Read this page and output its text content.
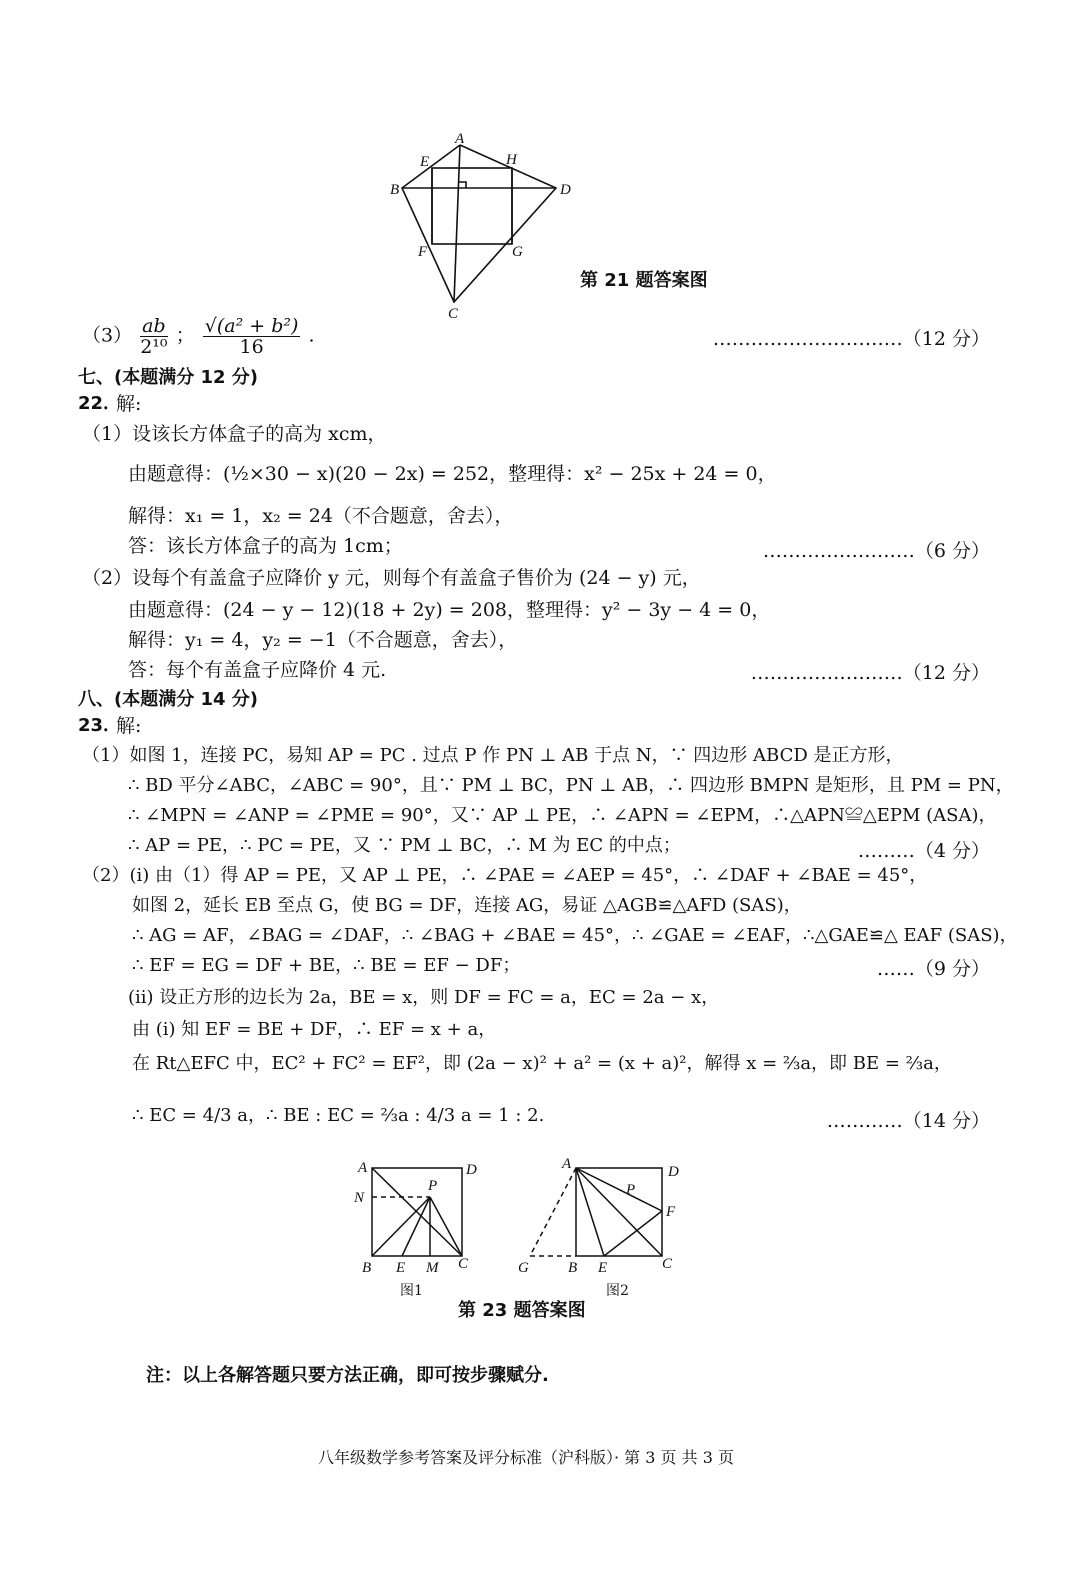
A
E	H
B	D
F	G
C
第 21 题答案图
$(3) \frac{ab}{\text{2¹⁰}}$ ； $\frac{\text{√(a² + b²)}}{16}$ .	…………………………（12 分）
七、(本题满分 12 分)
22．
解:
（1）设该长方体盒子的高为 xcm，
由题意得：(½×30 − x)(20 − 2x) = 252，整理得：x² − 25x + 24 = 0，
解得：x₁ = 1，x₂ = 24（不合题意，舍去），
答：该长方体盒子的高为 1cm；	……………………（6 分）
（2）设每个有盖盒子应降价 y 元，则每个有盖盒子售价为 (24 − y) 元，
由题意得：(24 − y − 12)(18 + 2y) = 208，整理得：y² − 3y − 4 = 0，
解得：y₁ = 4，y₂ = −1（不合题意，舍去），
答：每个有盖盒子应降价 4 元.	……………………（12 分）
八、(本题满分 14 分)
23．
解:
（1）如图 1，连接 PC，易知 AP = PC . 过点 P 作 PN ⊥ AB 于点 N，∵ 四边形 ABCD 是正方形，
∴ BD 平分∠ABC，∠ABC = 90°，且∵ PM ⊥ BC，PN ⊥ AB，∴ 四边形 BMPN 是矩形，且 PM = PN，
∴ ∠MPN = ∠ANP = ∠PME = 90°，又∵ AP ⊥ PE，∴ ∠APN = ∠EPM，∴△APN≌△EPM (ASA)，
∴ AP = PE，∴ PC = PE，又 ∵ PM ⊥ BC，∴ M 为 EC 的中点；	………（4 分）
（2）(ⅰ) 由（1）得 AP = PE，又 AP ⊥ PE，∴ ∠PAE = ∠AEP = 45°，∴ ∠DAF + ∠BAE = 45°，
如图 2，延长 EB 至点 G，使 BG = DF，连接 AG，易证 △AGB≌△AFD (SAS)，
∴ AG = AF，∠BAG = ∠DAF，∴ ∠BAG + ∠BAE = 45°，∴ ∠GAE = ∠EAF，∴△GAE≌△ EAF (SAS)，
∴ EF = EG = DF + BE，∴ BE = EF − DF；	……（9 分）
(ⅱ) 设正方形的边长为 2a，BE = x，则 DF = FC = a，EC = 2a − x，
由 (ⅰ) 知 EF = BE + DF，∴ EF = x + a，
在 Rt△EFC 中，EC² + FC² = EF²，即 (2a − x)² + a² = (x + a)²，解得 x = ⅔a，即 BE = ⅔a，
∴ EC = 4/3 a，∴ BE : EC = ⅔a : 4/3 a = 1 : 2.	…………（14 分）
A	D
N
P
B E M C
A	D
P
F
G	B E	C
图1	图2
第 23 题答案图
注：以上各解答题只要方法正确，即可按步骤赋分.
八年级数学参考答案及评分标准（沪科版）· 第 3 页 共 3 页
